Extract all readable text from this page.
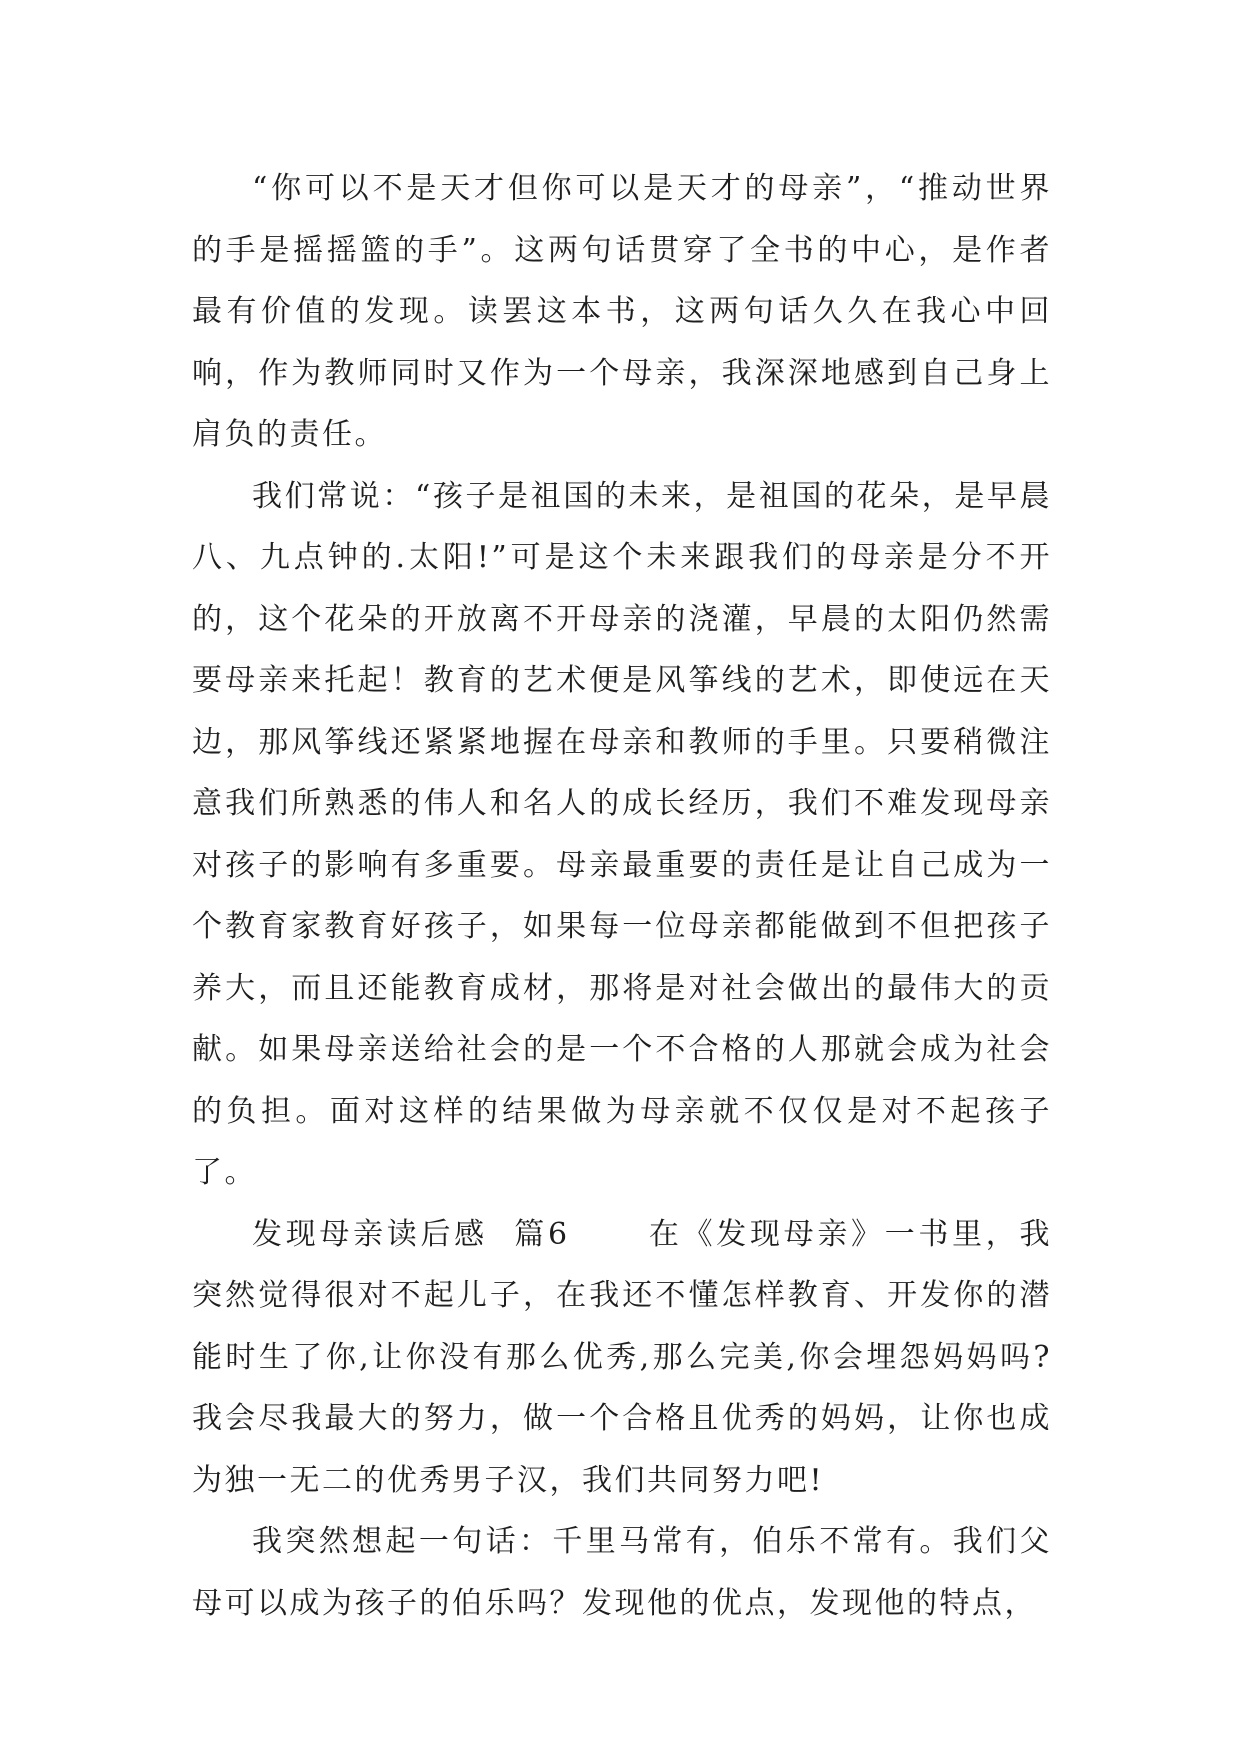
“你可以不是天才但你可以是天才的母亲”，“推动世界的手是摇摇篮的手”。这两句话贯穿了全书的中心，是作者最有价值的发现。读罢这本书，这两句话久久在我心中回响，作为教师同时又作为一个母亲，我深深地感到自己身上肩负的责任。

我们常说：“孩子是祖国的未来，是祖国的花朵，是早晨八、九点钟的.太阳!”可是这个未来跟我们的母亲是分不开的，这个花朵的开放离不开母亲的浇灌，早晨的太阳仍然需要母亲来托起！教育的艺术便是风筝线的艺术，即使远在天边，那风筝线还紧紧地握在母亲和教师的手里。只要稍微注意我们所熟悉的伟人和名人的成长经历，我们不难发现母亲对孩子的影响有多重要。母亲最重要的责任是让自己成为一个教育家教育好孩子，如果每一位母亲都能做到不但把孩子养大，而且还能教育成材，那将是对社会做出的最伟大的贡献。如果母亲送给社会的是一个不合格的人那就会成为社会的负担。面对这样的结果做为母亲就不仅仅是对不起孩子了。

发现母亲读后感  篇6      在《发现母亲》一书里，我突然觉得很对不起儿子，在我还不懂怎样教育、开发你的潜能时生了你,让你没有那么优秀,那么完美,你会埋怨妈妈吗?我会尽我最大的努力，做一个合格且优秀的妈妈，让你也成为独一无二的优秀男子汉，我们共同努力吧!

我突然想起一句话：千里马常有，伯乐不常有。我们父母可以成为孩子的伯乐吗？发现他的优点，发现他的特点，
